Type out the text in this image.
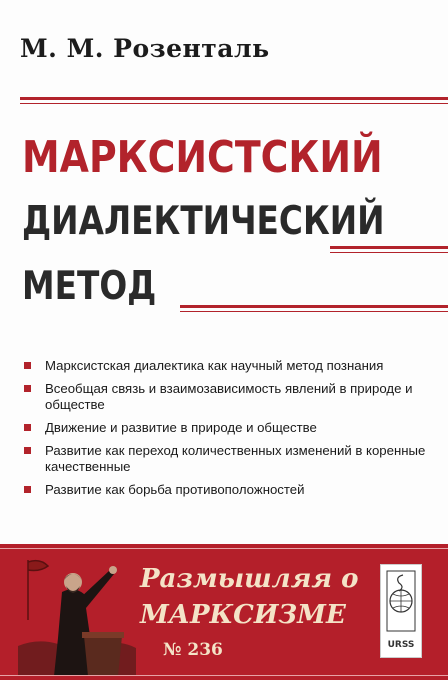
М. М. Розенталь
МАРКСИСТСКИЙ
ДИАЛЕКТИЧЕСКИЙ
МЕТОД
Марксистская диалектика как научный метод познания
Всеобщая связь и взаимозависимость явлений в природе и обществе
Движение и развитие в природе и обществе
Развитие как переход количественных изменений в коренные качественные
Развитие как борьба противоположностей
Размышляя о
МАРКСИЗМЕ
№ 236	URSS
